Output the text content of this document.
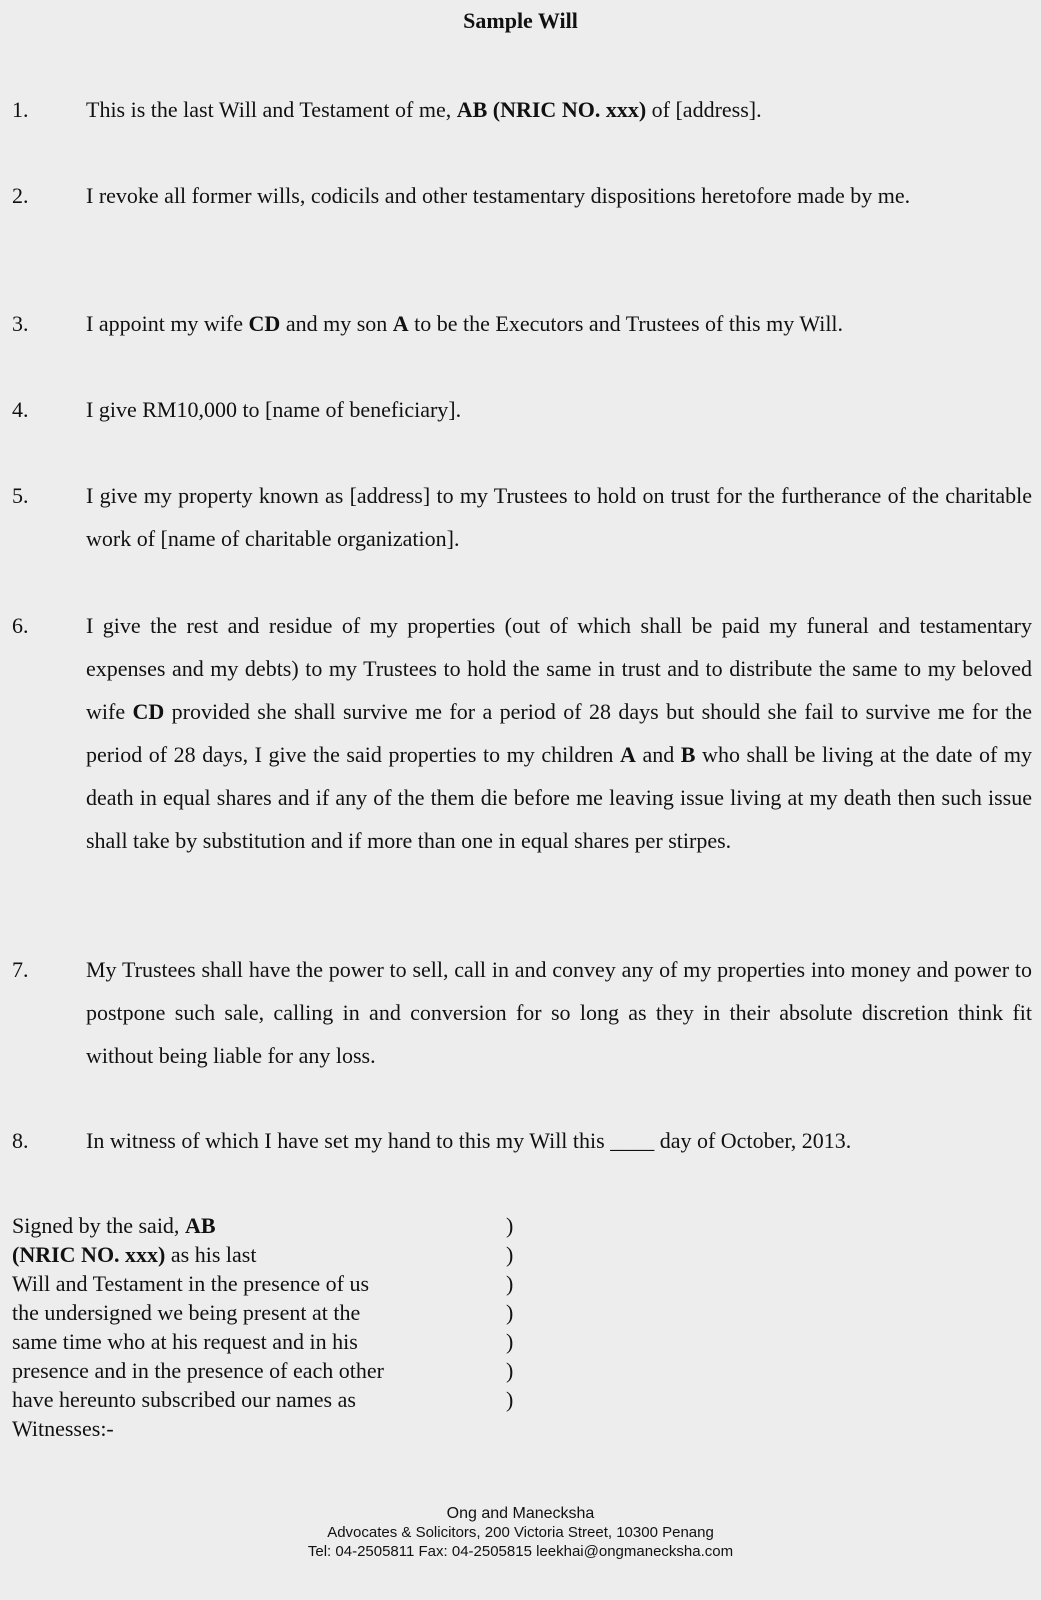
Sample Will
1.	This is the last Will and Testament of me, AB (NRIC NO. xxx) of [address].
2.	I revoke all former wills, codicils and other testamentary dispositions heretofore made by me.
3.	I appoint my wife CD and my son A to be the Executors and Trustees of this my Will.
4.	I give RM10,000 to [name of beneficiary].
5.	I give my property known as [address] to my Trustees to hold on trust for the furtherance of the charitable work of [name of charitable organization].
6.	I give the rest and residue of my properties (out of which shall be paid my funeral and testamentary expenses and my debts) to my Trustees to hold the same in trust and to distribute the same to my beloved wife CD provided she shall survive me for a period of 28 days but should she fail to survive me for the period of 28 days, I give the said properties to my children A and B who shall be living at the date of my death in equal shares and if any of the them die before me leaving issue living at my death then such issue shall take by substitution and if more than one in equal shares per stirpes.
7.	My Trustees shall have the power to sell, call in and convey any of my properties into money and power to postpone such sale, calling in and conversion for so long as they in their absolute discretion think fit without being liable for any loss.
8.	In witness of which I have set my hand to this my Will this ____ day of October, 2013.
Signed by the said, AB
(NRIC NO. xxx) as his last
Will and Testament in the presence of us
the undersigned we being present at the
same time who at his request and in his
presence and in the presence of each other
have hereunto subscribed our names as
Witnesses:-
)
)
)
)
)
)
)
Ong and Manecksha
Advocates & Solicitors, 200 Victoria Street, 10300 Penang
Tel: 04-2505811 Fax: 04-2505815 leekhai@ongmanecksha.com
